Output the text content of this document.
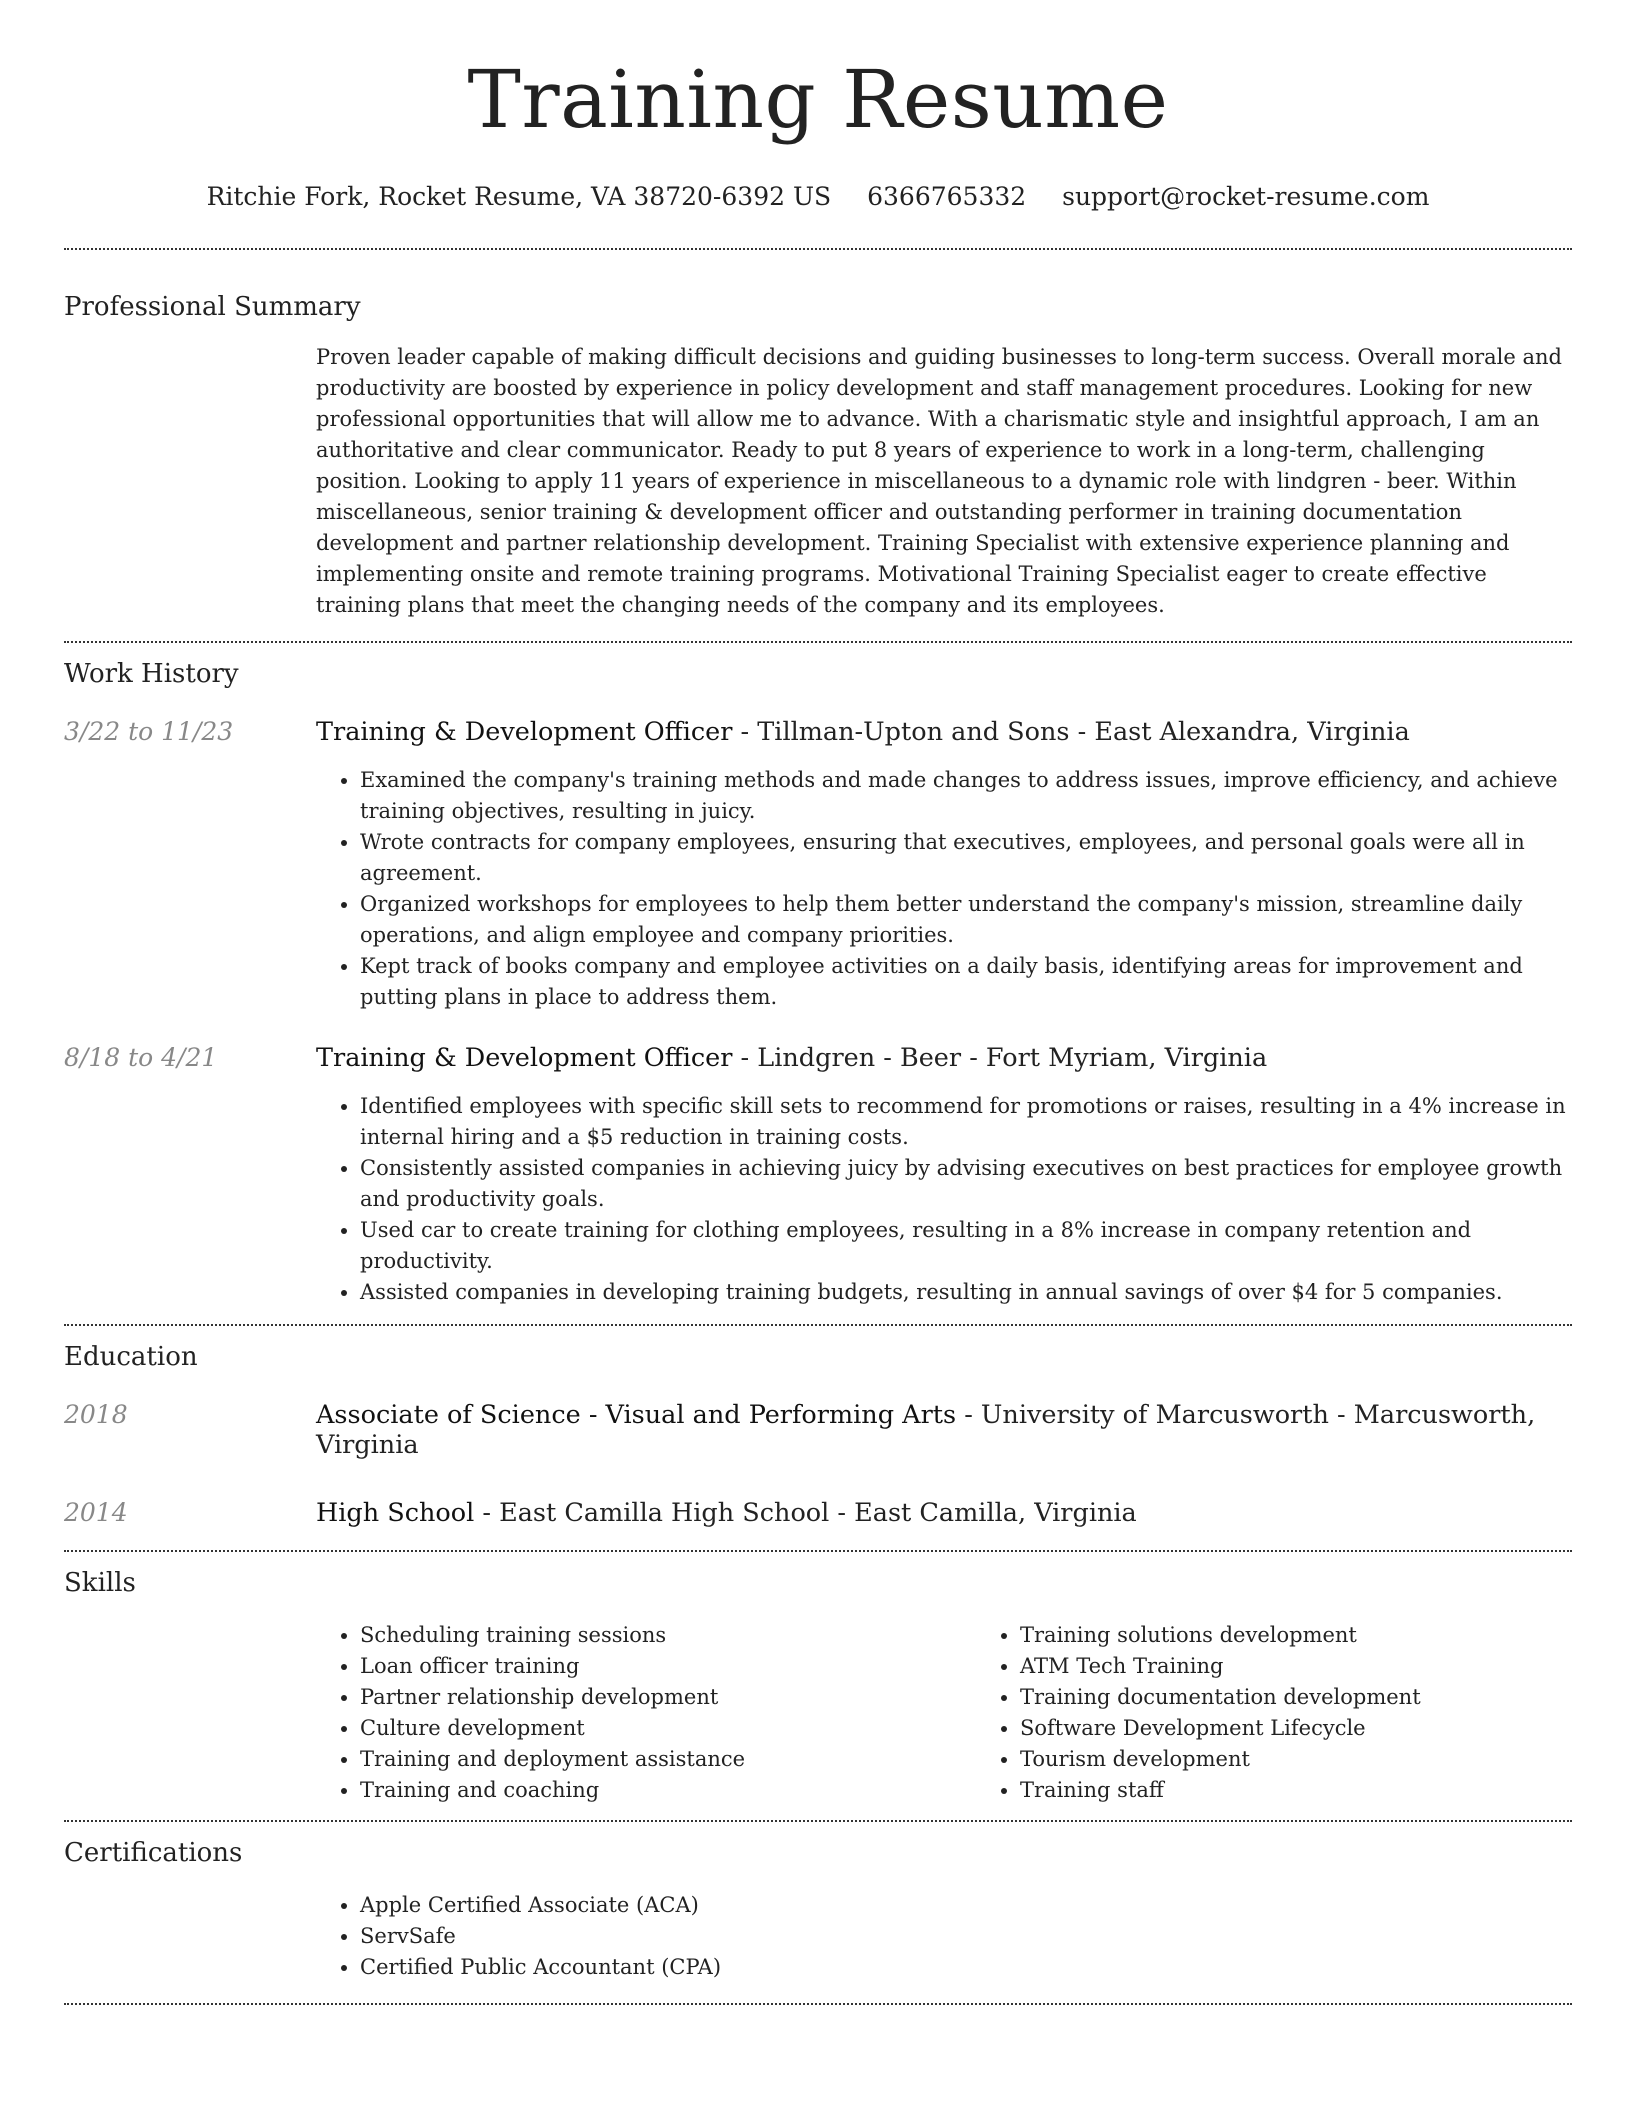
Training Resume
Ritchie Fork, Rocket Resume, VA 38720-6392 US 6366765332 support@rocket-resume.com
Professional Summary

Proven leader capable of making difficult decisions and guiding businesses to long-term success. Overall morale and productivity are boosted by experience in policy development and staff management procedures. Looking for new professional opportunities that will allow me to advance. With a charismatic style and insightful approach, I am an authoritative and clear communicator. Ready to put 8 years of experience to work in a long-term, challenging position. Looking to apply 11 years of experience in miscellaneous to a dynamic role with lindgren - beer. Within miscellaneous, senior training & development officer and outstanding performer in training documentation development and partner relationship development. Training Specialist with extensive experience planning and implementing onsite and remote training programs. Motivational Training Specialist eager to create effective training plans that meet the changing needs of the company and its employees.

Work History
3/22 to 11/23	Training & Development Officer - Tillman-Upton and Sons - East Alexandra, Virginia
• Examined the company's training methods and made changes to address issues, improve efficiency, and achieve training objectives, resulting in juicy.
• Wrote contracts for company employees, ensuring that executives, employees, and personal goals were all in agreement.
• Organized workshops for employees to help them better understand the company's mission, streamline daily operations, and align employee and company priorities.
• Kept track of books company and employee activities on a daily basis, identifying areas for improvement and putting plans in place to address them.
8/18 to 4/21	Training & Development Officer - Lindgren - Beer - Fort Myriam, Virginia
• Identified employees with specific skill sets to recommend for promotions or raises, resulting in a 4% increase in internal hiring and a $5 reduction in training costs.
• Consistently assisted companies in achieving juicy by advising executives on best practices for employee growth and productivity goals.
• Used car to create training for clothing employees, resulting in a 8% increase in company retention and productivity.
• Assisted companies in developing training budgets, resulting in annual savings of over $4 for 5 companies.
Education
2018	Associate of Science - Visual and Performing Arts - University of Marcusworth - Marcusworth, Virginia
2014	High School - East Camilla High School - East Camilla, Virginia
Skills
• Scheduling training sessions
• Loan officer training
• Partner relationship development
• Culture development
• Training and deployment assistance
• Training and coaching
• Training solutions development
• ATM Tech Training
• Training documentation development
• Software Development Lifecycle
• Tourism development
• Training staff
Certifications
• Apple Certified Associate (ACA)
• ServSafe
• Certified Public Accountant (CPA)
